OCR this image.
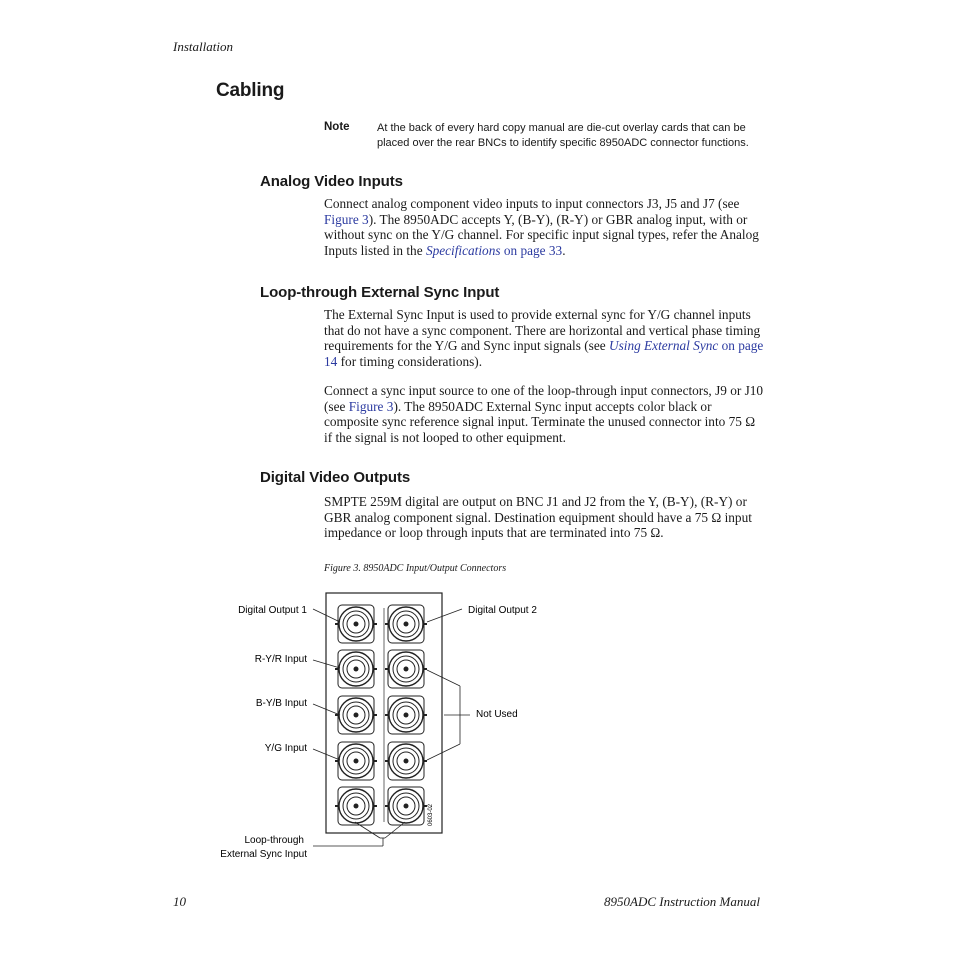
Installation
Cabling
Note At the back of every hard copy manual are die-cut overlay cards that can be placed over the rear BNCs to identify specific 8950ADC connector functions.
Analog Video Inputs
Connect analog component video inputs to input connectors J3, J5 and J7 (see Figure 3). The 8950ADC accepts Y, (B-Y), (R-Y) or GBR analog input, with or without sync on the Y/G channel. For specific input signal types, refer the Analog Inputs listed in the Specifications on page 33.
Loop-through External Sync Input
The External Sync Input is used to provide external sync for Y/G channel inputs that do not have a sync component. There are horizontal and vertical phase timing requirements for the Y/G and Sync input signals (see Using External Sync on page 14 for timing considerations).
Connect a sync input source to one of the loop-through input connectors, J9 or J10 (see Figure 3). The 8950ADC External Sync input accepts color black or composite sync reference signal input. Terminate the unused connector into 75 Ω if the signal is not looped to other equipment.
Digital Video Outputs
SMPTE 259M digital are output on BNC J1 and J2 from the Y, (B-Y), (R-Y) or GBR analog component signal. Destination equipment should have a 75 Ω input impedance or loop through inputs that are terminated into 75 Ω.
Figure 3. 8950ADC Input/Output Connectors
Digital Output 1	Digital Output 2
R-Y/R Input
B-Y/B Input
Y/G Input
Not Used
Loop-through
External Sync Input
0603-02
10	8950ADC Instruction Manual
